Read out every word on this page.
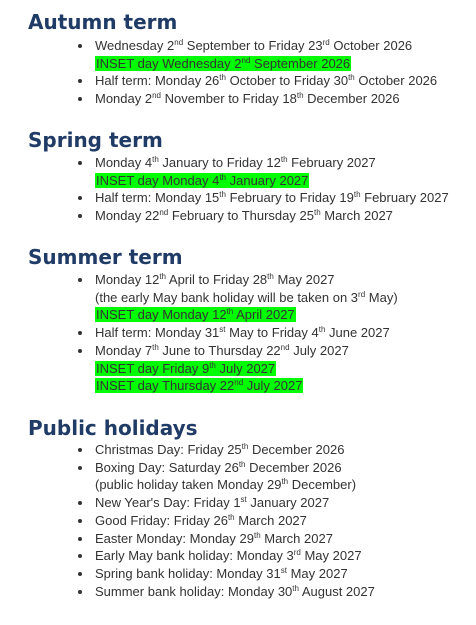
Autumn term
Wednesday 2nd September to Friday 23rd October 2026
INSET day Wednesday 2nd September 2026
Half term: Monday 26th October to Friday 30th October 2026
Monday 2nd November to Friday 18th December 2026
Spring term
Monday 4th January to Friday 12th February 2027
INSET day Monday 4th January 2027
Half term: Monday 15th February to Friday 19th February 2027
Monday 22nd February to Thursday 25th March 2027
Summer term
Monday 12th April to Friday 28th May 2027
(the early May bank holiday will be taken on 3rd May)
INSET day Monday 12th April 2027
Half term: Monday 31st May to Friday 4th June 2027
Monday 7th June to Thursday 22nd July 2027
INSET day Friday 9th July 2027
INSET day Thursday 22nd July 2027
Public holidays
Christmas Day: Friday 25th December 2026
Boxing Day: Saturday 26th December 2026
(public holiday taken Monday 29th December)
New Year's Day: Friday 1st January 2027
Good Friday: Friday 26th March 2027
Easter Monday: Monday 29th March 2027
Early May bank holiday: Monday 3rd May 2027
Spring bank holiday: Monday 31st May 2027
Summer bank holiday: Monday 30th August 2027
